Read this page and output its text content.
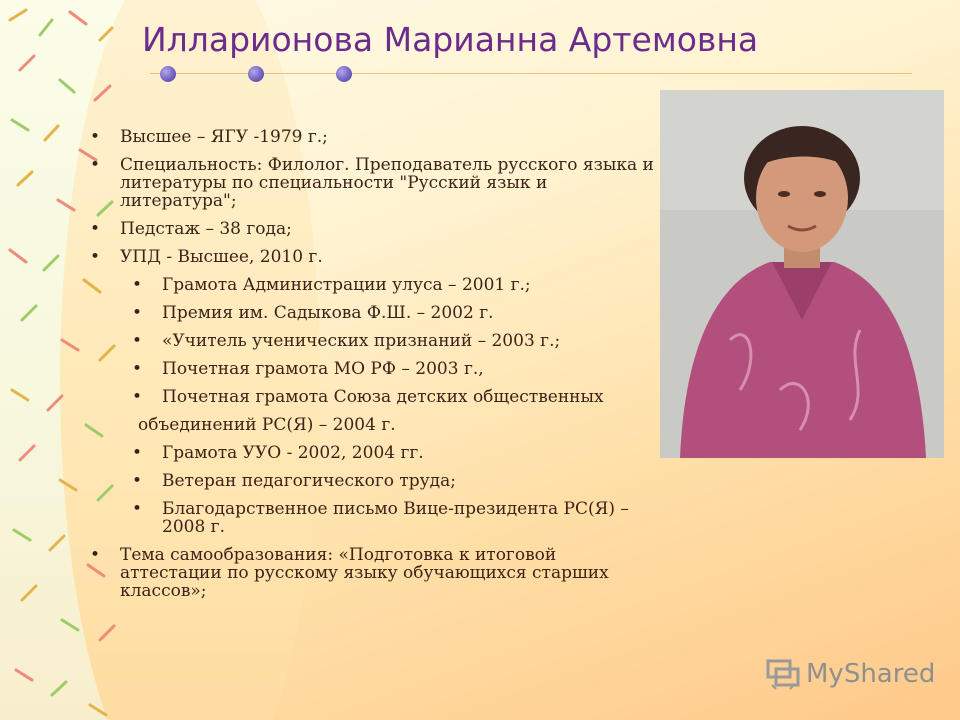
Илларионова Марианна Артемовна
• Высшее – ЯГУ -1979 г.;
• Специальность: Филолог. Преподаватель русского языка и литературы по специальности "Русский язык и литература";
• Педстаж – 38 года;
• УПД - Высшее, 2010 г.
• Грамота Администрации улуса – 2001 г.;
• Премия им. Садыкова Ф.Ш. – 2002 г.
• «Учитель ученических признаний – 2003 г.;
• Почетная грамота МО РФ – 2003 г.,
• Почетная грамота Союза детских общественных
объединений РС(Я) – 2004 г.
• Грамота УУО - 2002, 2004 гг.
• Ветеран педагогического труда;
• Благодарственное письмо Вице-президента РС(Я) – 2008 г.
• Тема самообразования: «Подготовка к итоговой аттестации по русскому языку обучающихся старших классов»;
MyShared
